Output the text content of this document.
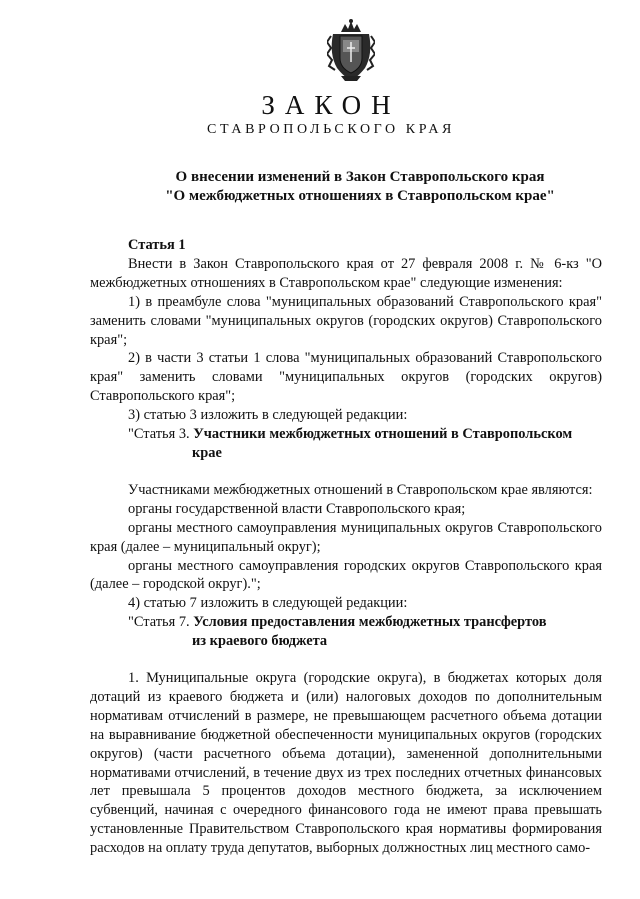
ЗАКОН
СТАВРОПОЛЬСКОГО КРАЯ
О внесении изменений в Закон Ставропольского края
"О межбюджетных отношениях в Ставропольском крае"

Статья 1

Внести в Закон Ставропольского края от 27 февраля 2008 г. № 6-кз "О межбюджетных отношениях в Ставропольском крае" следующие изменения:

1) в преамбуле слова "муниципальных образований Ставропольского края" заменить словами "муниципальных округов (городских округов) Ставропольского края";

2) в части 3 статьи 1 слова "муниципальных образований Ставропольского края" заменить словами "муниципальных округов (городских округов) Ставропольского края";

3) статью 3 изложить в следующей редакции:

"Статья 3. Участники межбюджетных отношений в Ставропольском
крае

Участниками межбюджетных отношений в Ставропольском крае являются:

органы государственной власти Ставропольского края;

органы местного самоуправления муниципальных округов Ставропольского края (далее – муниципальный округ);

органы местного самоуправления городских округов Ставропольского края (далее – городской округ).";

4) статью 7 изложить в следующей редакции:

"Статья 7. Условия предоставления межбюджетных трансфертов
из краевого бюджета

1. Муниципальные округа (городские округа), в бюджетах которых доля дотаций из краевого бюджета и (или) налоговых доходов по дополнительным нормативам отчислений в размере, не превышающем расчетного объема дотации на выравнивание бюджетной обеспеченности муниципальных округов (городских округов) (части расчетного объема дотации), замененной дополнительными нормативами отчислений, в течение двух из трех последних отчетных финансовых лет превышала 5 процентов доходов местного бюджета, за исключением субвенций, начиная с очередного финансового года не имеют права превышать установленные Правительством Ставропольского края нормативы формирования расходов на оплату труда депутатов, выборных должностных лиц местного само-
